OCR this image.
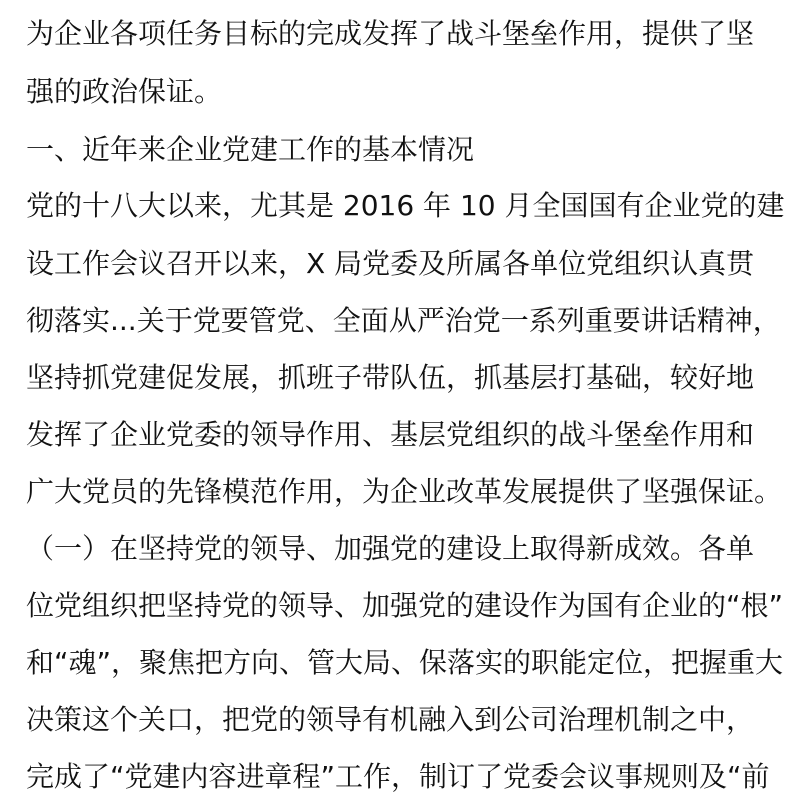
为企业各项任务目标的完成发挥了战斗堡垒作用，提供了坚
强的政治保证。
一、近年来企业党建工作的基本情况
党的十八大以来，尤其是 2016 年 10 月全国国有企业党的建
设工作会议召开以来，X 局党委及所属各单位党组织认真贯
彻落实...关于党要管党、全面从严治党一系列重要讲话精神，
坚持抓党建促发展，抓班子带队伍，抓基层打基础，较好地
发挥了企业党委的领导作用、基层党组织的战斗堡垒作用和
广大党员的先锋模范作用，为企业改革发展提供了坚强保证。
（一）在坚持党的领导、加强党的建设上取得新成效。各单
位党组织把坚持党的领导、加强党的建设作为国有企业的“根”
和“魂”，聚焦把方向、管大局、保落实的职能定位，把握重大
决策这个关口，把党的领导有机融入到公司治理机制之中，
完成了“党建内容进章程”工作，制订了党委会议事规则及“前
